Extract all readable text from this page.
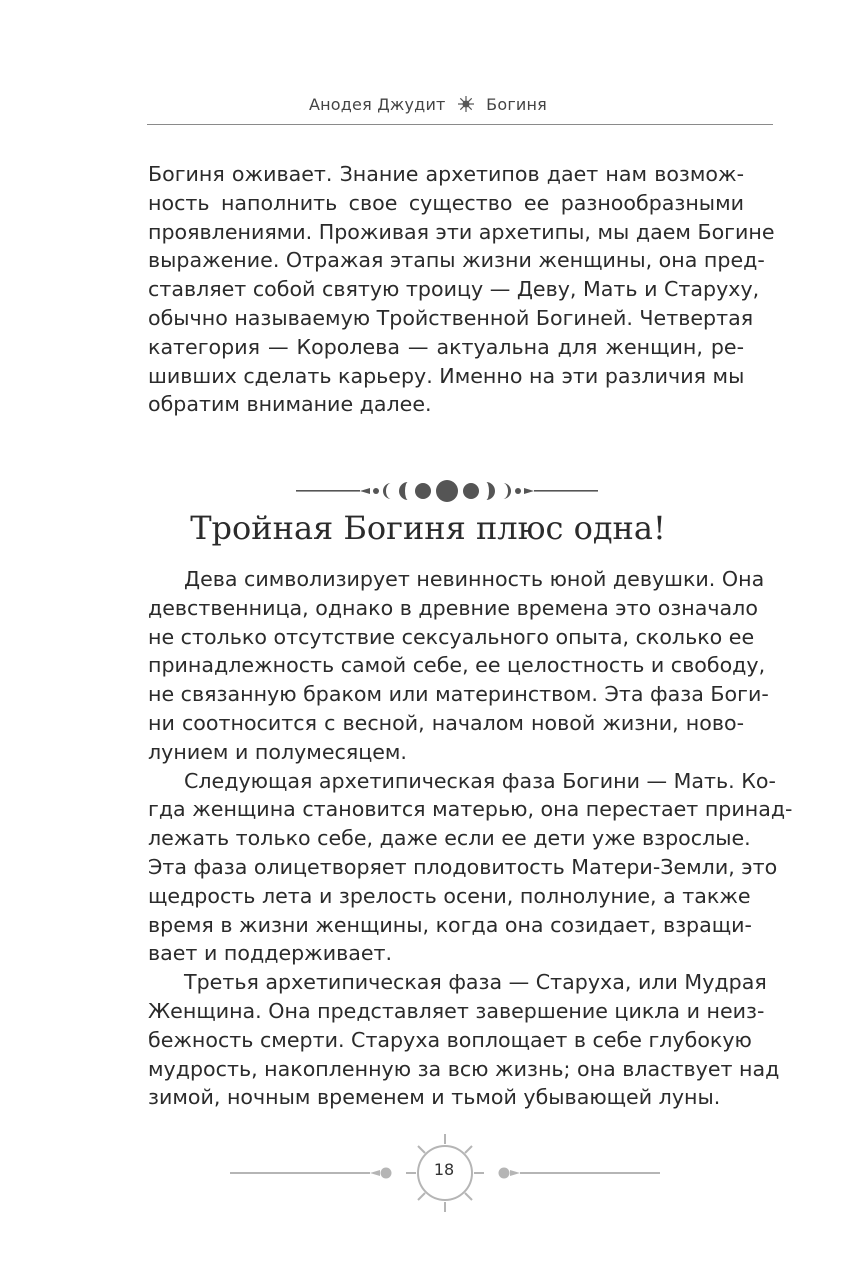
Анодея Джудит	Богиня
Богиня оживает. Знание архетипов дает нам возмож-
ность наполнить свое существо ее разнообразными
проявлениями. Проживая эти архетипы, мы даем Богине
выражение. Отражая этапы жизни женщины, она пред-
ставляет собой святую троицу — Деву, Мать и Старуху,
обычно называемую Тройственной Богиней. Четвертая
категория — Королева — актуальна для женщин, ре-
шивших сделать карьеру. Именно на эти различия мы
обратим внимание далее.
Тройная Богиня плюс одна!
Дева символизирует невинность юной девушки. Она
девственница, однако в древние времена это означало
не столько отсутствие сексуального опыта, сколько ее
принадлежность самой себе, ее целостность и свободу,
не связанную браком или материнством. Эта фаза Боги-
ни соотносится с весной, началом новой жизни, ново-
лунием и полумесяцем.
Следующая архетипическая фаза Богини — Мать. Ко-
гда женщина становится матерью, она перестает принад-
лежать только себе, даже если ее дети уже взрослые.
Эта фаза олицетворяет плодовитость Матери-Земли, это
щедрость лета и зрелость осени, полнолуние, а также
время в жизни женщины, когда она созидает, взращи-
вает и поддерживает.
Третья архетипическая фаза — Старуха, или Мудрая
Женщина. Она представляет завершение цикла и неиз-
бежность смерти. Старуха воплощает в себе глубокую
мудрость, накопленную за всю жизнь; она властвует над
зимой, ночным временем и тьмой убывающей луны.
18
